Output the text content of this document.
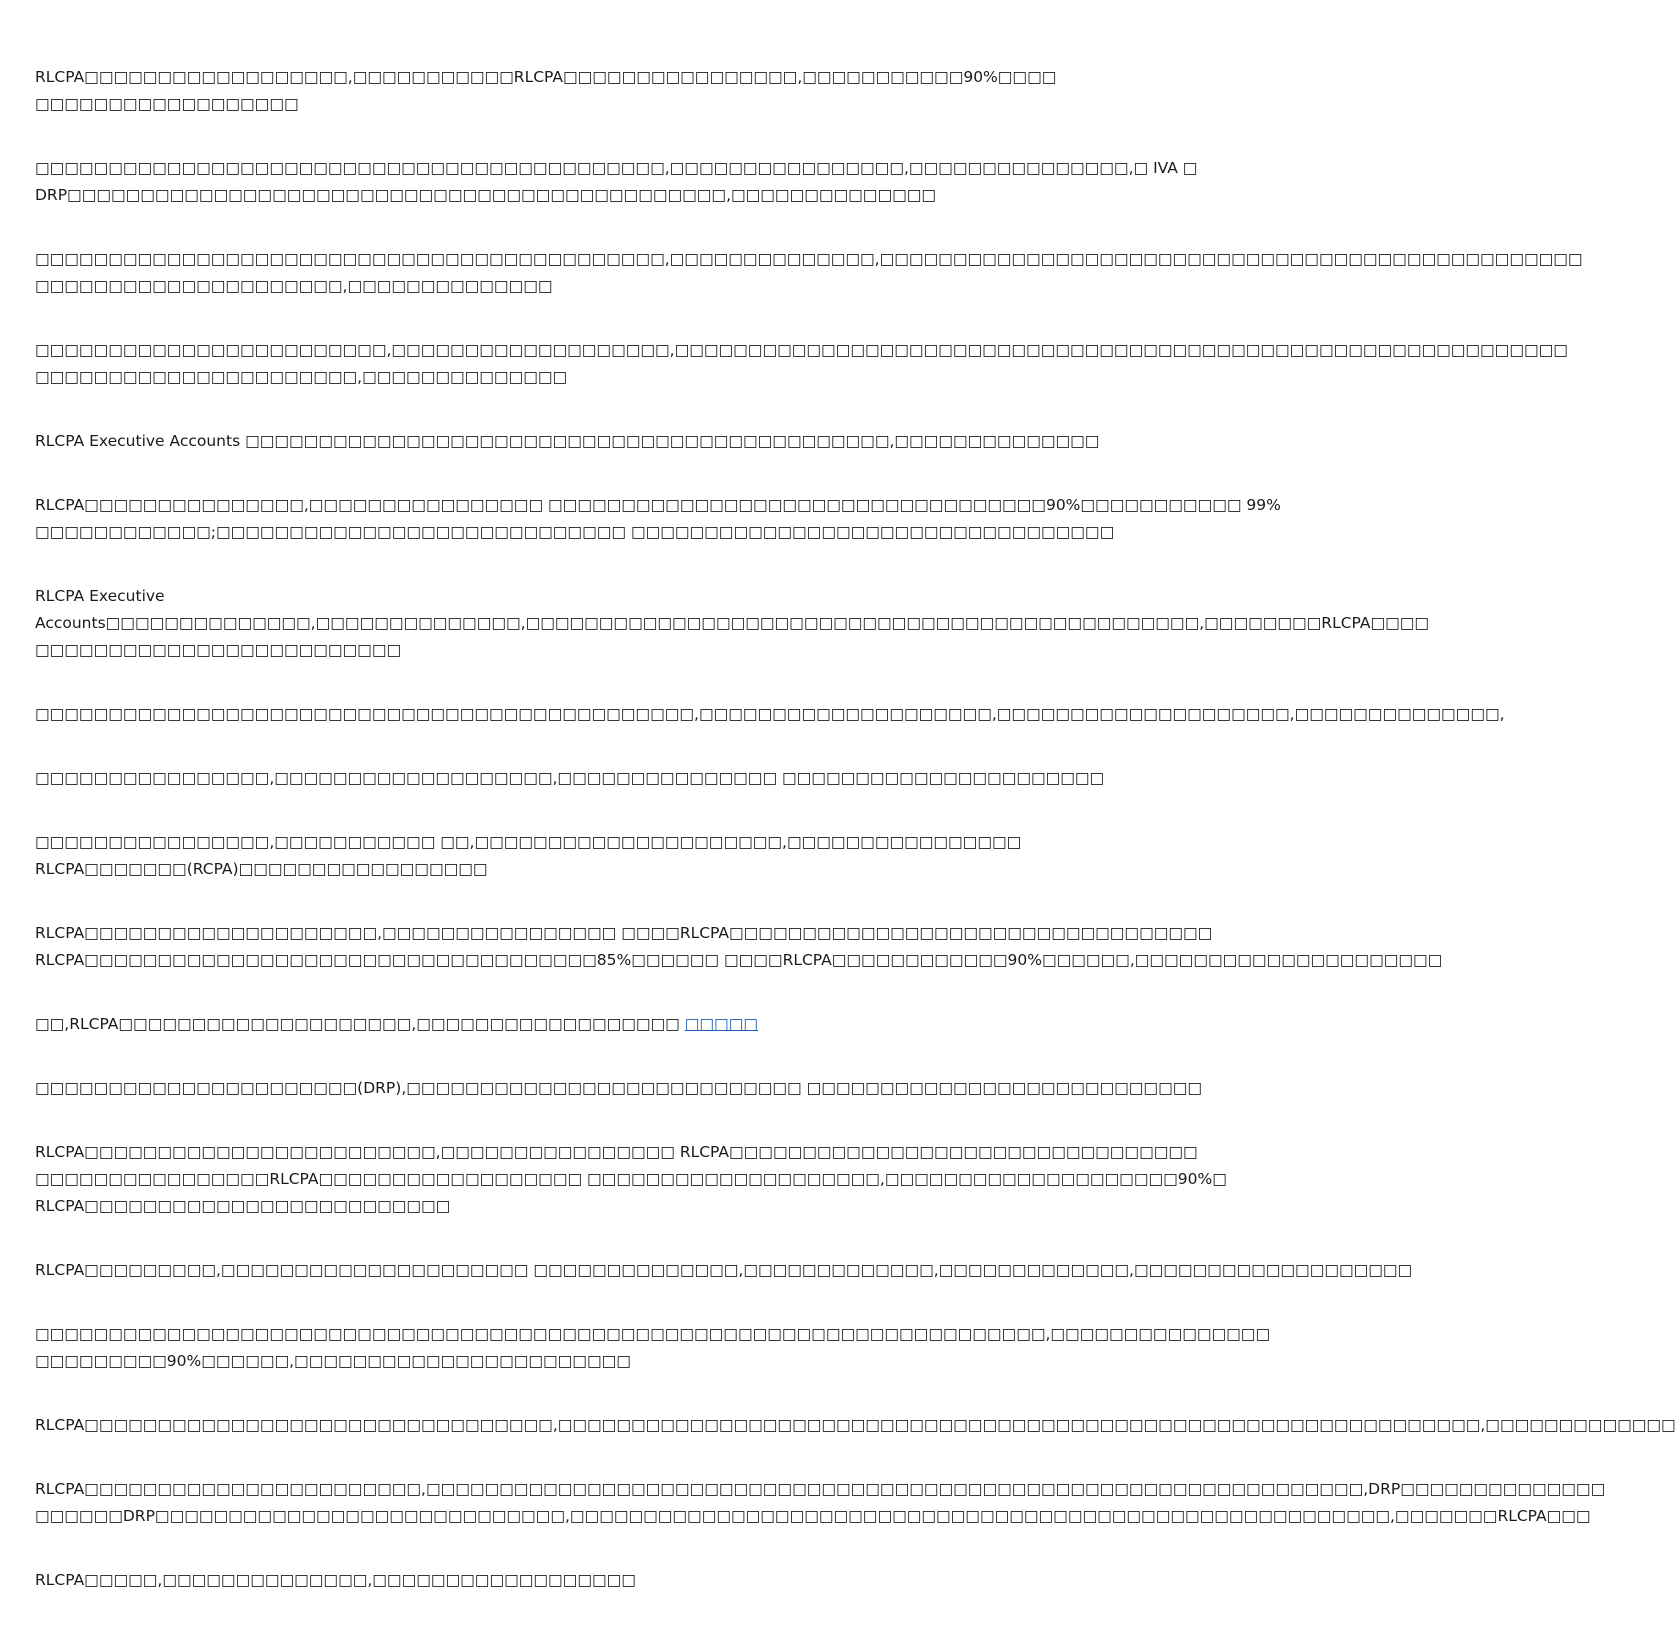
RLCPA□□□□□□□□□□□□□□□□□□,□□□□□□□□□□□RLCPA□□□□□□□□□□□□□□□□,□□□□□□□□□□□90%□□□□
□□□□□□□□□□□□□□□□□□

□□□□□□□□□□□□□□□□□□□□□□□□□□□□□□□□□□□□□□□□□□□,□□□□□□□□□□□□□□□□,□□□□□□□□□□□□□□□,□ IVA □
DRP□□□□□□□□□□□□□□□□□□□□□□□□□□□□□□□□□□□□□□□□□□□□□,□□□□□□□□□□□□□□

□□□□□□□□□□□□□□□□□□□□□□□□□□□□□□□□□□□□□□□□□□□,□□□□□□□□□□□□□□,□□□□□□□□□□□□□□□□□□□□□□□□□□□□□□□□□□□□□□□□□□□□□□□□
□□□□□□□□□□□□□□□□□□□□□,□□□□□□□□□□□□□□

□□□□□□□□□□□□□□□□□□□□□□□□,□□□□□□□□□□□□□□□□□□□,□□□□□□□□□□□□□□□□□□□□□□□□□□□□□□□□□□□□□□□□□□□□□□□□□□□□□□□□□□□□□
□□□□□□□□□□□□□□□□□□□□□□,□□□□□□□□□□□□□□

RLCPA Executive Accounts □□□□□□□□□□□□□□□□□□□□□□□□□□□□□□□□□□□□□□□□□□□□,□□□□□□□□□□□□□□

RLCPA□□□□□□□□□□□□□□□,□□□□□□□□□□□□□□□□ □□□□□□□□□□□□□□□□□□□□□□□□□□□□□□□□□□90%□□□□□□□□□□□ 99%
□□□□□□□□□□□□;□□□□□□□□□□□□□□□□□□□□□□□□□□□□ □□□□□□□□□□□□□□□□□□□□□□□□□□□□□□□□□

RLCPA Executive
Accounts□□□□□□□□□□□□□□,□□□□□□□□□□□□□□,□□□□□□□□□□□□□□□□□□□□□□□□□□□□□□□□□□□□□□□□□□□□□□,□□□□□□□□RLCPA□□□□
□□□□□□□□□□□□□□□□□□□□□□□□□

□□□□□□□□□□□□□□□□□□□□□□□□□□□□□□□□□□□□□□□□□□□□□,□□□□□□□□□□□□□□□□□□□□,□□□□□□□□□□□□□□□□□□□□,□□□□□□□□□□□□□□,

□□□□□□□□□□□□□□□□,□□□□□□□□□□□□□□□□□□□,□□□□□□□□□□□□□□□ □□□□□□□□□□□□□□□□□□□□□□

□□□□□□□□□□□□□□□□,□□□□□□□□□□□ □□,□□□□□□□□□□□□□□□□□□□□□,□□□□□□□□□□□□□□□□
RLCPA□□□□□□□(RCPA)□□□□□□□□□□□□□□□□□

RLCPA□□□□□□□□□□□□□□□□□□□□,□□□□□□□□□□□□□□□□ □□□□RLCPA□□□□□□□□□□□□□□□□□□□□□□□□□□□□□□□□□
RLCPA□□□□□□□□□□□□□□□□□□□□□□□□□□□□□□□□□□□85%□□□□□□ □□□□RLCPA□□□□□□□□□□□□90%□□□□□□,□□□□□□□□□□□□□□□□□□□□□

□□,RLCPA□□□□□□□□□□□□□□□□□□□□,□□□□□□□□□□□□□□□□□□ □□□□□

□□□□□□□□□□□□□□□□□□□□□□(DRP),□□□□□□□□□□□□□□□□□□□□□□□□□□□ □□□□□□□□□□□□□□□□□□□□□□□□□□□

RLCPA□□□□□□□□□□□□□□□□□□□□□□□□,□□□□□□□□□□□□□□□□ RLCPA□□□□□□□□□□□□□□□□□□□□□□□□□□□□□□□□
□□□□□□□□□□□□□□□□RLCPA□□□□□□□□□□□□□□□□□□ □□□□□□□□□□□□□□□□□□□□,□□□□□□□□□□□□□□□□□□□□90%□
RLCPA□□□□□□□□□□□□□□□□□□□□□□□□□

RLCPA□□□□□□□□□,□□□□□□□□□□□□□□□□□□□□□ □□□□□□□□□□□□□□,□□□□□□□□□□□□□,□□□□□□□□□□□□□,□□□□□□□□□□□□□□□□□□□

□□□□□□□□□□□□□□□□□□□□□□□□□□□□□□□□□□□□□□□□□□□□□□□□□□□□□□□□□□□□□□□□□□□□□,□□□□□□□□□□□□□□□
□□□□□□□□□90%□□□□□□,□□□□□□□□□□□□□□□□□□□□□□□

RLCPA□□□□□□□□□□□□□□□□□□□□□□□□□□□□□□□□,□□□□□□□□□□□□□□□□□□□□□□□□□□□□□□□□□□□□□□□□□□□□□□□□□□□□□□□□□□□□□□□,□□□□□□□□□□□□□

RLCPA□□□□□□□□□□□□□□□□□□□□□□□,□□□□□□□□□□□□□□□□□□□□□□□□□□□□□□□□□□□□□□□□□□□□□□□□□□□□□□□□□□□□□□□□,DRP□□□□□□□□□□□□□□
□□□□□□DRP□□□□□□□□□□□□□□□□□□□□□□□□□□□□,□□□□□□□□□□□□□□□□□□□□□□□□□□□□□□□□□□□□□□□□□□□□□□□□□□□□□□□□,□□□□□□□RLCPA□□□

RLCPA□□□□□,□□□□□□□□□□□□□□,□□□□□□□□□□□□□□□□□□
